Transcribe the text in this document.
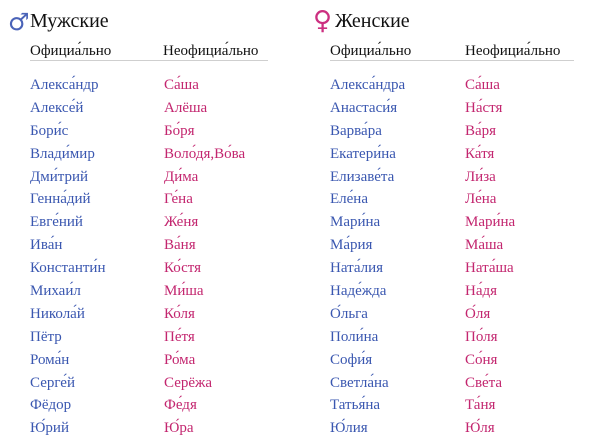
♂ Мужские
Официа́льно	Неофициа́льно
Алекса́ндр	Са́ша
Алексе́й	Алёша
Бори́с	Бо́ря
Влади́мир	Воло́дя,Во́ва
Дми́трий	Ди́ма
Генна́дий	Ге́на
Евге́ний	Же́ня
Ива́н	Ва́ня
Константи́н	Ко́стя
Михаи́л	Ми́ша
Никола́й	Ко́ля
Пётр	Пе́тя
Рома́н	Ро́ма
Серге́й	Серёжа
Фёдор	Фе́дя
Ю́рий	Ю́ра
♀ Женские
Официа́льно	Неофициа́льно
Алекса́ндра	Са́ша
Анастаси́я	На́стя
Варва́ра	Ва́ря
Екатери́на	Ка́тя
Елизаве́та	Ли́за
Еле́на	Ле́на
Мари́на	Мари́на
Ма́рия	Ма́ша
Ната́лия	Ната́ша
Наде́жда	На́дя
О́льга	О́ля
Поли́на	По́ля
Софи́я	Со́ня
Светла́на	Све́та
Татья́на	Та́ня
Ю́лия	Ю́ля
